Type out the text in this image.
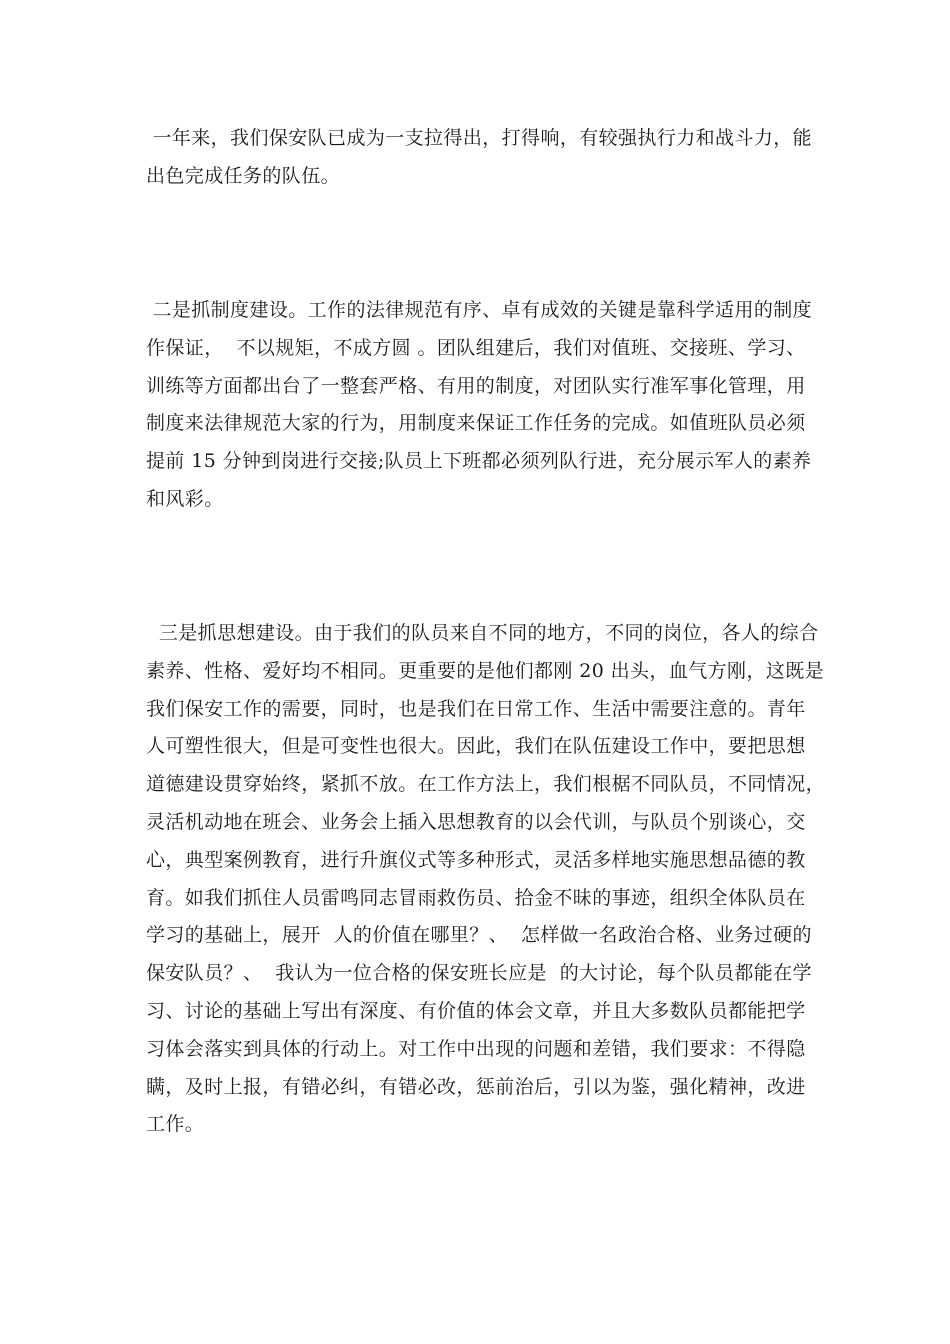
一年来，我们保安队已成为一支拉得出，打得响，有较强执行力和战斗力，能
出色完成任务的队伍。
二是抓制度建设。工作的法律规范有序、卓有成效的关键是靠科学适用的制度
作保证，  不以规矩，不成方圆 。团队组建后，我们对值班、交接班、学习、
训练等方面都出台了一整套严格、有用的制度，对团队实行准军事化管理，用
制度来法律规范大家的行为，用制度来保证工作任务的完成。如值班队员必须
提前 15 分钟到岗进行交接;队员上下班都必须列队行进，充分展示军人的素养
和风彩。
三是抓思想建设。由于我们的队员来自不同的地方，不同的岗位，各人的综合
素养、性格、爱好均不相同。更重要的是他们都刚 20 出头，血气方刚，这既是
我们保安工作的需要，同时，也是我们在日常工作、生活中需要注意的。青年
人可塑性很大，但是可变性也很大。因此，我们在队伍建设工作中，要把思想
道德建设贯穿始终，紧抓不放。在工作方法上，我们根椐不同队员，不同情况，
灵活机动地在班会、业务会上插入思想教育的以会代训，与队员个别谈心，交
心，典型案例教育，进行升旗仪式等多种形式，灵活多样地实施思想品德的教
育。如我们抓住人员雷鸣同志冒雨救伤员、拾金不昧的事迹，组织全体队员在
学习的基础上，展开  人的价值在哪里？、  怎样做一名政治合格、业务过硬的
保安队员？、  我认为一位合格的保安班长应是  的大讨论，每个队员都能在学
习、讨论的基础上写出有深度、有价值的体会文章，并且大多数队员都能把学
习体会落实到具体的行动上。对工作中出现的问题和差错，我们要求：不得隐
瞒，及时上报，有错必纠，有错必改，惩前治后，引以为鉴，强化精神，改进
工作。
